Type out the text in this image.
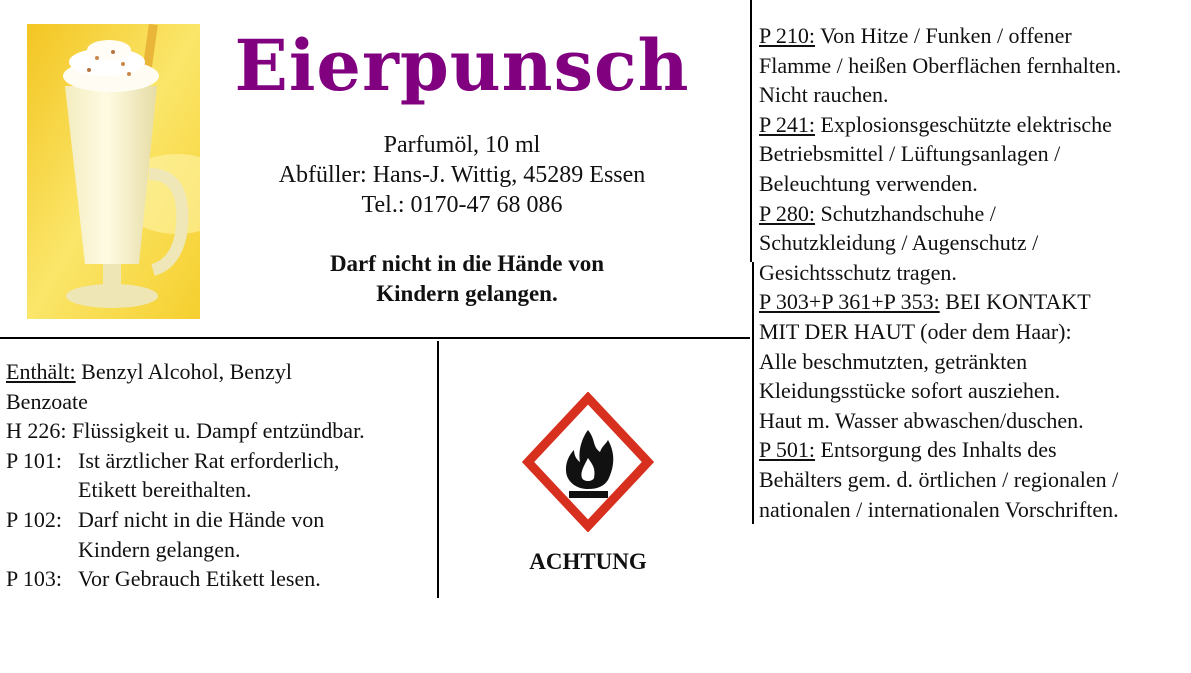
Eierpunsch
Parfumöl, 10 ml
Abfüller: Hans-J. Wittig, 45289 Essen
Tel.: 0170-47 68 086
Darf nicht in die Hände von
Kindern gelangen.
Enthält: Benzyl Alcohol, Benzyl
Benzoate
H 226: Flüssigkeit u. Dampf entzündbar.
P 101: Ist ärztlicher Rat erforderlich,
Etikett bereithalten.
P 102: Darf nicht in die Hände von
Kindern gelangen.
P 103: Vor Gebrauch Etikett lesen.
ACHTUNG
P 210: Von Hitze / Funken / offener
Flamme / heißen Oberflächen fernhalten.
Nicht rauchen.
P 241: Explosionsgeschützte elektrische
Betriebsmittel / Lüftungsanlagen /
Beleuchtung verwenden.
P 280: Schutzhandschuhe /
Schutzkleidung / Augenschutz /
Gesichtsschutz tragen.
P 303+P 361+P 353: BEI KONTAKT
MIT DER HAUT (oder dem Haar):
Alle beschmutzten, getränkten
Kleidungsstücke sofort ausziehen.
Haut m. Wasser abwaschen/duschen.
P 501: Entsorgung des Inhalts des
Behälters gem. d. örtlichen / regionalen /
nationalen / internationalen Vorschriften.
